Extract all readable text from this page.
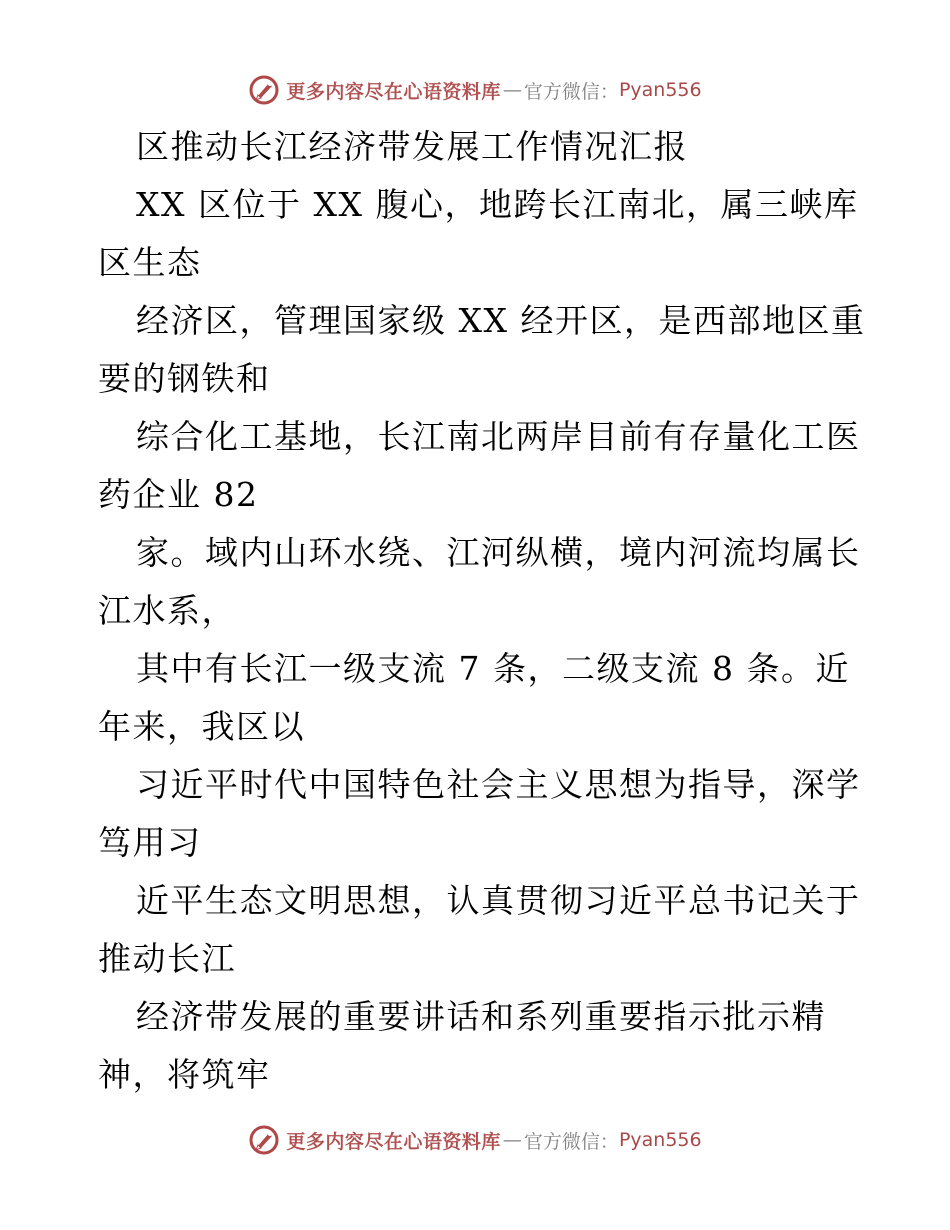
更多内容尽在心语资料库 — 官方微信： Pyan556
区推动长江经济带发展工作情况汇报
XX 区位于 XX 腹心，地跨长江南北，属三峡库
区生态
经济区，管理国家级 XX 经开区，是西部地区重
要的钢铁和
综合化工基地，长江南北两岸目前有存量化工医
药企业 82
家。域内山环水绕、江河纵横，境内河流均属长
江水系，
其中有长江一级支流 7 条，二级支流 8 条。近
年来，我区以
习近平时代中国特色社会主义思想为指导，深学
笃用习
近平生态文明思想，认真贯彻习近平总书记关于
推动长江
经济带发展的重要讲话和系列重要指示批示精
神，将筑牢
更多内容尽在心语资料库 — 官方微信： Pyan556
